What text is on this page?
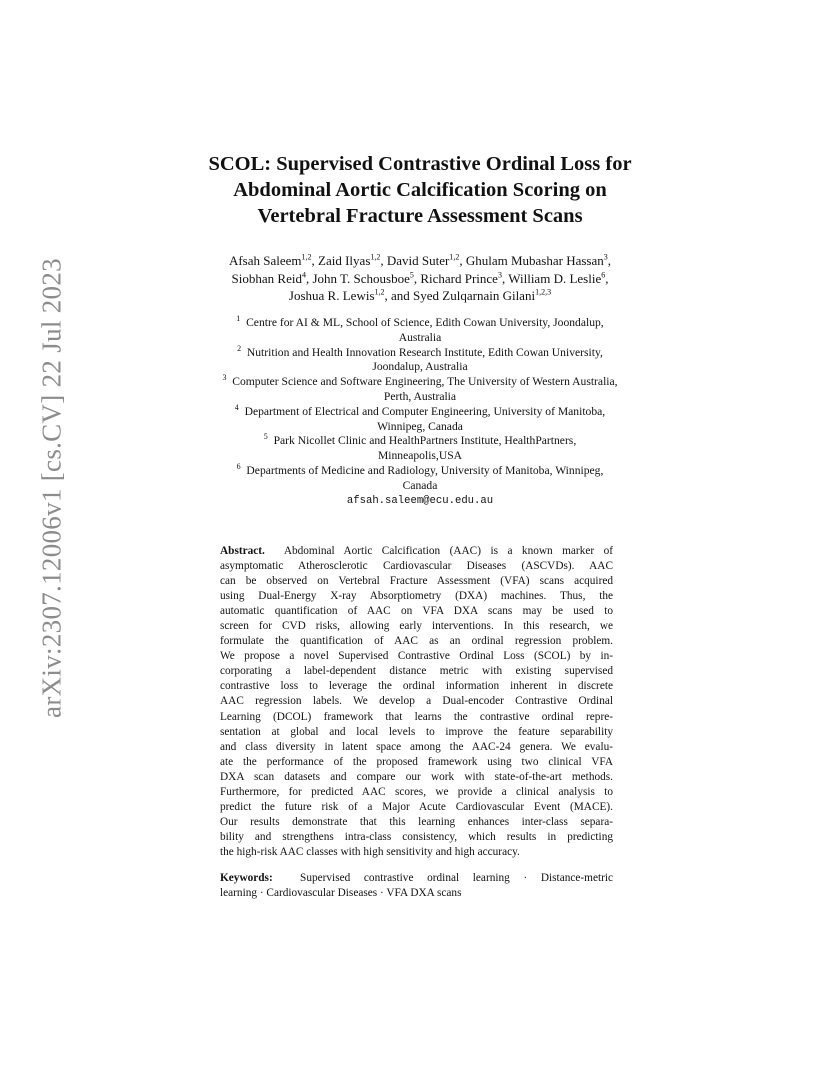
arXiv:2307.12006v1 [cs.CV] 22 Jul 2023
SCOL: Supervised Contrastive Ordinal Loss for
Abdominal Aortic Calcification Scoring on
Vertebral Fracture Assessment Scans
Afsah Saleem$^{1,2}$, Zaid Ilyas$^{1,2}$, David Suter$^{1,2}$, Ghulam Mubashar Hassan$^3$,
Siobhan Reid$^4$, John T. Schousboe$^5$, Richard Prince$^3$, William D. Leslie$^6$,
Joshua R. Lewis$^{1,2}$, and Syed Zulqarnain Gilani$^{1,2,3}$
$^1$ Centre for AI & ML, School of Science, Edith Cowan University, Joondalup,
Australia
$^2$ Nutrition and Health Innovation Research Institute, Edith Cowan University,
Joondalup, Australia
$^3$ Computer Science and Software Engineering, The University of Western Australia,
Perth, Australia
$^4$ Department of Electrical and Computer Engineering, University of Manitoba,
Winnipeg, Canada
$^5$ Park Nicollet Clinic and HealthPartners Institute, HealthPartners,
Minneapolis,USA
$^6$ Departments of Medicine and Radiology, University of Manitoba, Winnipeg,
Canada
afsah.saleem@ecu.edu.au
Abstract. Abdominal Aortic Calcification (AAC) is a known marker of
asymptomatic Atherosclerotic Cardiovascular Diseases (ASCVDs). AAC
can be observed on Vertebral Fracture Assessment (VFA) scans acquired
using Dual-Energy X-ray Absorptiometry (DXA) machines. Thus, the
automatic quantification of AAC on VFA DXA scans may be used to
screen for CVD risks, allowing early interventions. In this research, we
formulate the quantification of AAC as an ordinal regression problem.
We propose a novel Supervised Contrastive Ordinal Loss (SCOL) by in-
corporating a label-dependent distance metric with existing supervised
contrastive loss to leverage the ordinal information inherent in discrete
AAC regression labels. We develop a Dual-encoder Contrastive Ordinal
Learning (DCOL) framework that learns the contrastive ordinal repre-
sentation at global and local levels to improve the feature separability
and class diversity in latent space among the AAC-24 genera. We evalu-
ate the performance of the proposed framework using two clinical VFA
DXA scan datasets and compare our work with state-of-the-art methods.
Furthermore, for predicted AAC scores, we provide a clinical analysis to
predict the future risk of a Major Acute Cardiovascular Event (MACE).
Our results demonstrate that this learning enhances inter-class separa-
bility and strengthens intra-class consistency, which results in predicting
the high-risk AAC classes with high sensitivity and high accuracy.
Keywords: Supervised contrastive ordinal learning · Distance-metric
learning · Cardiovascular Diseases · VFA DXA scans
